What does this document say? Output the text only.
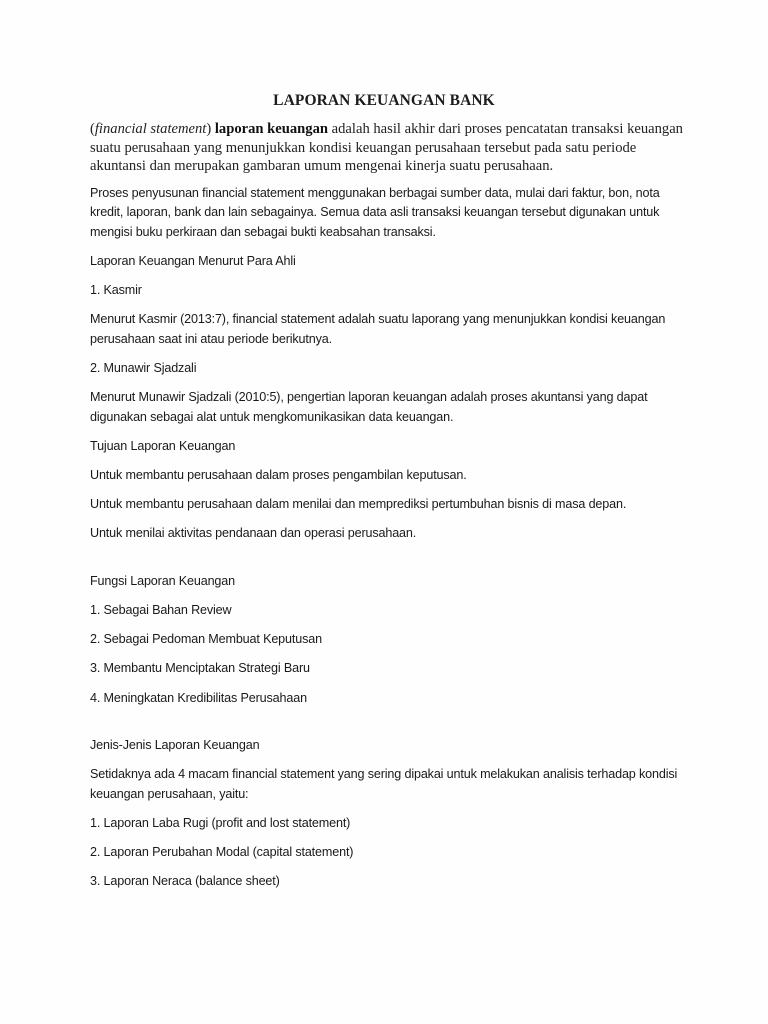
LAPORAN KEUANGAN BANK

(financial statement) laporan keuangan adalah hasil akhir dari proses pencatatan transaksi keuangan suatu perusahaan yang menunjukkan kondisi keuangan perusahaan tersebut pada satu periode akuntansi dan merupakan gambaran umum mengenai kinerja suatu perusahaan.

Proses penyusunan financial statement menggunakan berbagai sumber data, mulai dari faktur, bon, nota kredit, laporan, bank dan lain sebagainya. Semua data asli transaksi keuangan tersebut digunakan untuk mengisi buku perkiraan dan sebagai bukti keabsahan transaksi.

Laporan Keuangan Menurut Para Ahli

1. Kasmir

Menurut Kasmir (2013:7), financial statement adalah suatu laporang yang menunjukkan kondisi keuangan perusahaan saat ini atau periode berikutnya.

2. Munawir Sjadzali

Menurut Munawir Sjadzali (2010:5), pengertian laporan keuangan adalah proses akuntansi yang dapat digunakan sebagai alat untuk mengkomunikasikan data keuangan.

Tujuan Laporan Keuangan

Untuk membantu perusahaan dalam proses pengambilan keputusan.

Untuk membantu perusahaan dalam menilai dan memprediksi pertumbuhan bisnis di masa depan.

Untuk menilai aktivitas pendanaan dan operasi perusahaan.

Fungsi Laporan Keuangan

1. Sebagai Bahan Review

2. Sebagai Pedoman Membuat Keputusan

3. Membantu Menciptakan Strategi Baru

4. Meningkatan Kredibilitas Perusahaan

Jenis-Jenis Laporan Keuangan

Setidaknya ada 4 macam financial statement yang sering dipakai untuk melakukan analisis terhadap kondisi keuangan perusahaan, yaitu:

1. Laporan Laba Rugi (profit and lost statement)

2. Laporan Perubahan Modal (capital statement)

3. Laporan Neraca (balance sheet)
